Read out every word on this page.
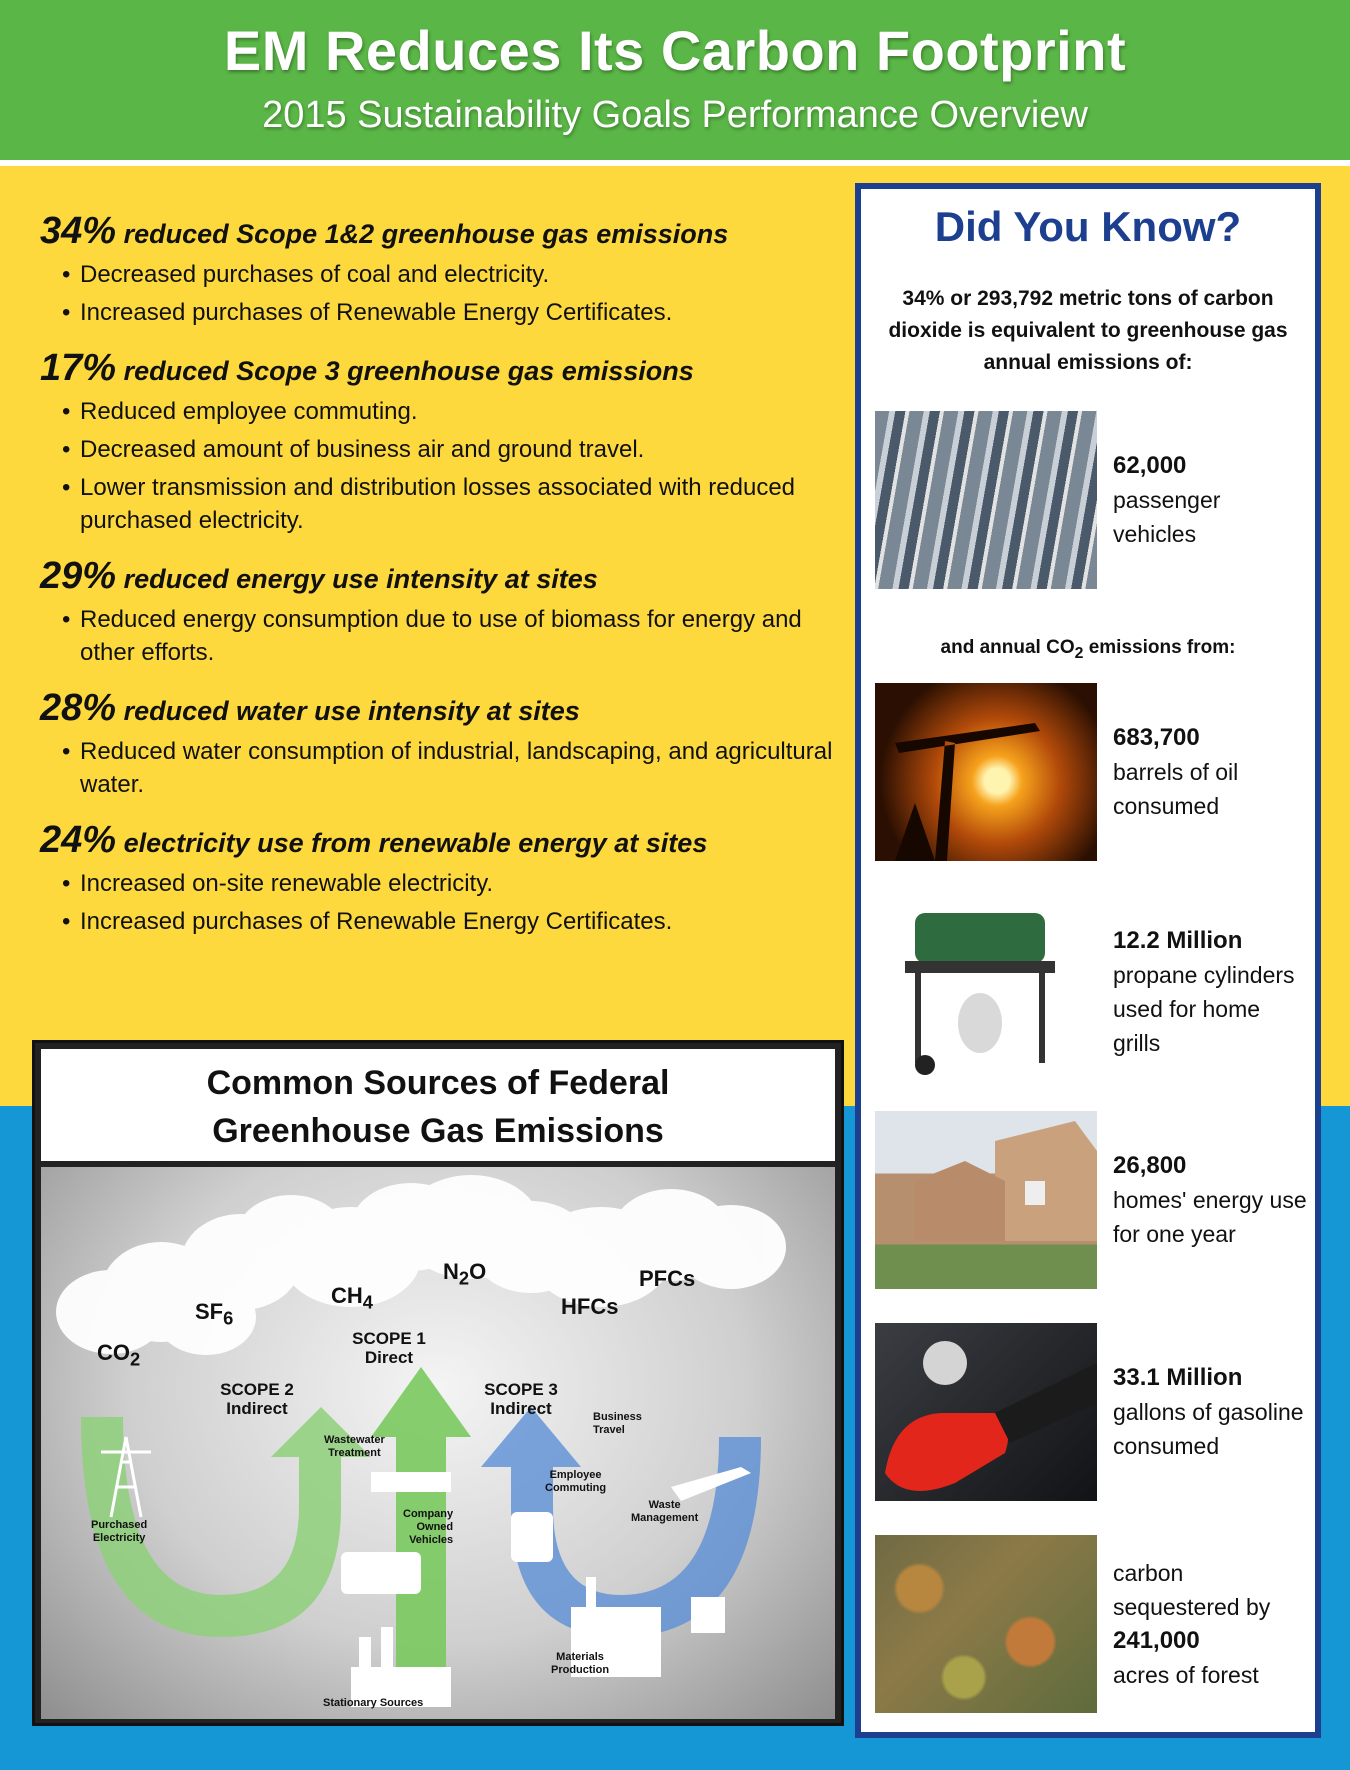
EM Reduces Its Carbon Footprint
2015 Sustainability Goals Performance Overview
34% reduced Scope 1&2 greenhouse gas emissions
• Decreased purchases of coal and electricity.
• Increased purchases of Renewable Energy Certificates.
17% reduced Scope 3 greenhouse gas emissions
• Reduced employee commuting.
• Decreased amount of business air and ground travel.
• Lower transmission and distribution losses associated with reduced purchased electricity.
29% reduced energy use intensity at sites
• Reduced energy consumption due to use of biomass for energy and other efforts.
28% reduced water use intensity at sites
• Reduced water consumption of industrial, landscaping, and agricultural water.
24% electricity use from renewable energy at sites
• Increased on-site renewable electricity.
• Increased purchases of Renewable Energy Certificates.
Common Sources of Federal
Greenhouse Gas Emissions
$CO_2$
$SF_6$
$CH_4$
$N_2O$
HFCs
PFCs
SCOPE 1
Direct
SCOPE 2
Indirect
SCOPE 3
Indirect
Wastewater
Treatment
Purchased
Electricity
Company
Owned
Vehicles
Stationary Sources
Business
Travel
Employee
Commuting
Waste
Management
Materials
Production
Did You Know?
34% or 293,792 metric tons of carbon dioxide is equivalent to greenhouse gas annual emissions of:
62,000
passenger vehicles
and annual $CO_2$ emissions from:
683,700
barrels of oil consumed
12.2 Million
propane cylinders used for home grills
26,800
homes' energy use for one year
33.1 Million
gallons of gasoline consumed
carbon sequestered by
241,000
acres of forest
